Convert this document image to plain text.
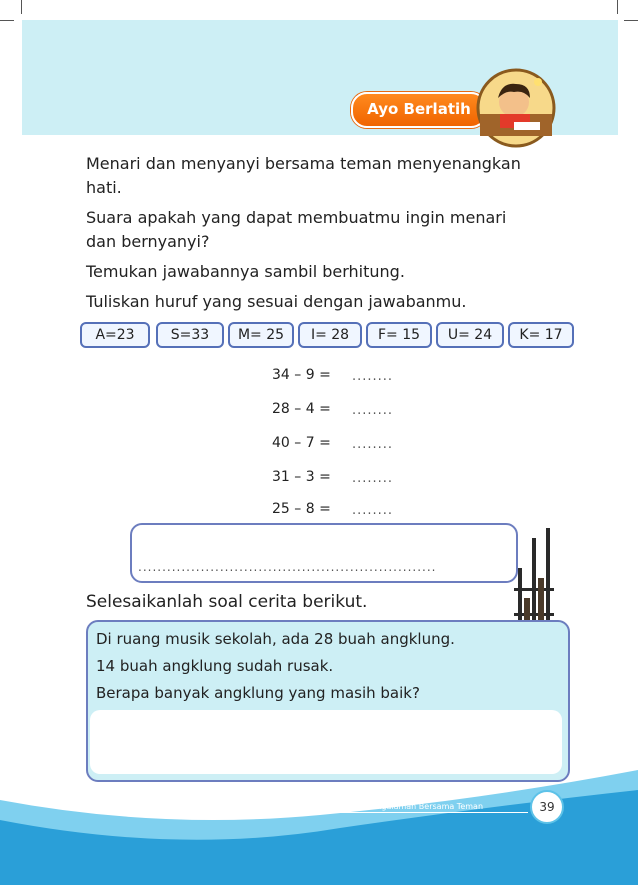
Ayo Berlatih
Menari dan menyanyi bersama teman menyenangkan
hati.
Suara apakah yang dapat membuatmu ingin menari
dan bernyanyi?
Temukan jawabannya sambil berhitung.
Tuliskan huruf yang sesuai dengan jawabanmu.
A=23	S=33	M= 25	I= 28	F= 15	U= 24	K= 17
34 – 9 = ........
28 – 4 = ........
40 – 7 = ........
31 – 3 = ........
25 – 8 = ........
..............................................................
Selesaikanlah soal cerita berikut.
Di ruang musik sekolah, ada 28 buah angklung.
14 buah angklung sudah rusak.
Berapa banyak angklung yang masih baik?
Subtema 2: Pengalaman Bersama Teman	39
